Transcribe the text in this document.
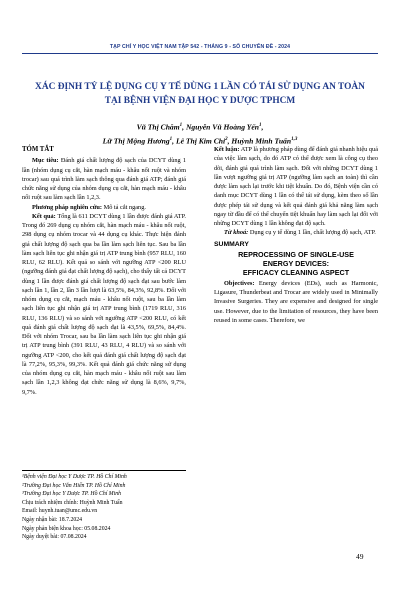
TẠP CHÍ Y HỌC VIỆT NAM TẬP 542 - THÁNG 9 - SỐ CHUYÊN ĐỀ - 2024
XÁC ĐỊNH TỶ LỆ DỤNG CỤ Y TẾ DÙNG 1 LẦN CÓ TÁI SỬ DỤNG AN TOÀN
TẠI BỆNH VIỆN ĐẠI HỌC Y DƯỢC TPHCM
Vũ Thị Chăm$^1$, Nguyễn Vũ Hoàng Yến$^1$,
Lữ Thị Mộng Hương$^1$, Lê Thị Kim Chi$^2$, Huỳnh Minh Tuấn$^{1,3}$
TÓM TẮT

Mục tiêu: Đánh giá chất lượng độ sạch của DCYT dùng 1 lần (nhóm dụng cụ cắt, hàn mạch máu - khâu nối ruột và nhóm trocar) sau quá trình làm sạch thông qua đánh giá ATP; đánh giá chức năng sử dụng của nhóm dụng cụ cắt, hàn mạch máu - khâu nối ruột sau làm sạch lần 1,2,3.

Phương pháp nghiên cứu: Mô tả cắt ngang.

Kết quả: Tổng là 611 DCYT dùng 1 lần được đánh giá ATP. Trong đó 269 dụng cụ nhóm cắt, hàn mạch máu - khâu nối ruột, 298 dụng cụ nhóm trocar và 44 dụng cụ khác. Thực hiện đánh giá chất lượng độ sạch qua ba lần làm sạch liên tục. Sau ba lần làm sạch liên tục ghi nhận giá trị ATP trung bình (957 RLU, 160 RLU, 62 RLU). Kết quả so sánh với ngưỡng ATP <200 RLU (ngưỡng đánh giá đạt chất lượng độ sạch), cho thấy tất cả DCYT dùng 1 lần được đánh giá chất lượng độ sạch đạt sau bước làm sạch lần 1, lần 2, lần 3 lần lượt là 63,5%, 84,3%, 92,8%. Đối với nhóm dụng cụ cắt, mạch máu - khâu nối ruột, sau ba lần làm sạch liên tục ghi nhận giá trị ATP trung bình (1719 RLU, 316 RLU, 136 RLU) và so sánh với ngưỡng ATP <200 RLU, có kết quả đánh giá chất lượng độ sạch đạt là 43,5%, 69,5%, 84,4%. Đối với nhóm Trocar, sau ba lần làm sạch liên tục ghi nhận giá trị ATP trung bình (391 RLU, 43 RLU, 4 RLU) và so sánh với ngưỡng ATP <200, cho kết quả đánh giá chất lượng độ sạch đạt là 77,2%, 95,3%, 99,3%. Kết quả đánh giá chức năng sử dụng của nhóm dụng cụ cắt, hàn mạch máu - khâu nối ruột sau làm sạch lần 1,2,3 không đạt chức năng sử dụng là 8,6%, 9,7%, 9,7%.

¹Bệnh viện Đại học Y Dược TP. Hồ Chí Minh
²Trường Đại học Văn Hiến TP. Hồ Chí Minh
³Trường Đại học Y Dược TP. Hồ Chí Minh
Chịu trách nhiệm chính: Huỳnh Minh Tuấn
Email: huynh.tuan@umc.edu.vn
Ngày nhận bài: 18.7.2024
Ngày phản biện khoa học: 05.08.2024
Ngày duyệt bài: 07.08.2024

Kết luận: ATP là phương pháp dùng để đánh giá nhanh hiệu quả của việc làm sạch, do đó ATP có thể được xem là công cụ theo dõi, đánh giá quá trình làm sạch. Đối với những DCYT dùng 1 lần vượt ngưỡng giá trị ATP (ngưỡng làm sạch an toàn) thì cần được làm sạch lại trước khi tiệt khuẩn. Do đó, Bệnh viện cần có danh mục DCYT dùng 1 lần có thể tái sử dụng, kèm theo số lần được phép tái sử dụng và kết quả đánh giá khả năng làm sạch ngay từ đầu để có thể chuyển tiệt khuẩn hay làm sạch lại đối với những DCYT dùng 1 lần không đạt độ sạch.

Từ khoá: Dụng cụ y tế dùng 1 lần, chất lượng độ sạch, ATP.

SUMMARY
REPROCESSING OF SINGLE-USE
ENERGY DEVICES:
EFFICACY CLEANING ASPECT

Objectives: Energy devices (EDs), such as Harmonic, Ligasure, Thunderbeat and Trocar are widely used in Minimally Invasive Surgeries. They are expensive and designed for single use. However, due to the limitation of resources, they have been reused in some cases. Therefore, we

49
